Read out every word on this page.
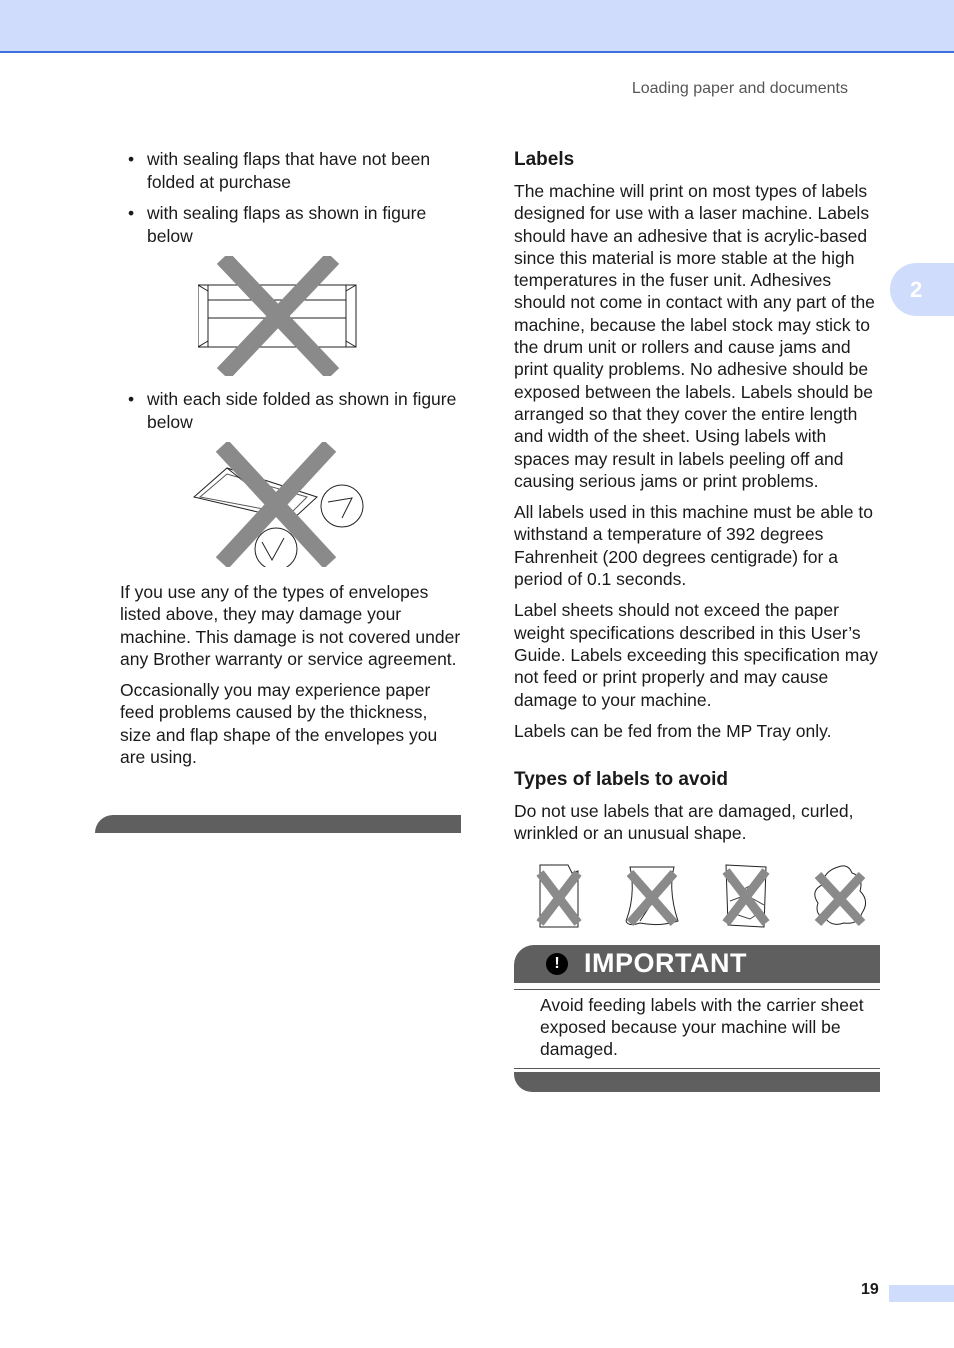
Loading paper and documents
2
• with sealing flaps that have not been folded at purchase
• with sealing flaps as shown in figure below
• with each side folded as shown in figure below
If you use any of the types of envelopes listed above, they may damage your machine. This damage is not covered under any Brother warranty or service agreement.
Occasionally you may experience paper feed problems caused by the thickness, size and flap shape of the envelopes you are using.
Labels
The machine will print on most types of labels designed for use with a laser machine. Labels should have an adhesive that is acrylic-based since this material is more stable at the high temperatures in the fuser unit. Adhesives should not come in contact with any part of the machine, because the label stock may stick to the drum unit or rollers and cause jams and print quality problems. No adhesive should be exposed between the labels. Labels should be arranged so that they cover the entire length and width of the sheet. Using labels with spaces may result in labels peeling off and causing serious jams or print problems.
All labels used in this machine must be able to withstand a temperature of 392 degrees Fahrenheit (200 degrees centigrade) for a period of 0.1 seconds.
Label sheets should not exceed the paper weight specifications described in this User’s Guide. Labels exceeding this specification may not feed or print properly and may cause damage to your machine.
Labels can be fed from the MP Tray only.
Types of labels to avoid
Do not use labels that are damaged, curled, wrinkled or an unusual shape.
! IMPORTANT
Avoid feeding labels with the carrier sheet exposed because your machine will be damaged.
19
